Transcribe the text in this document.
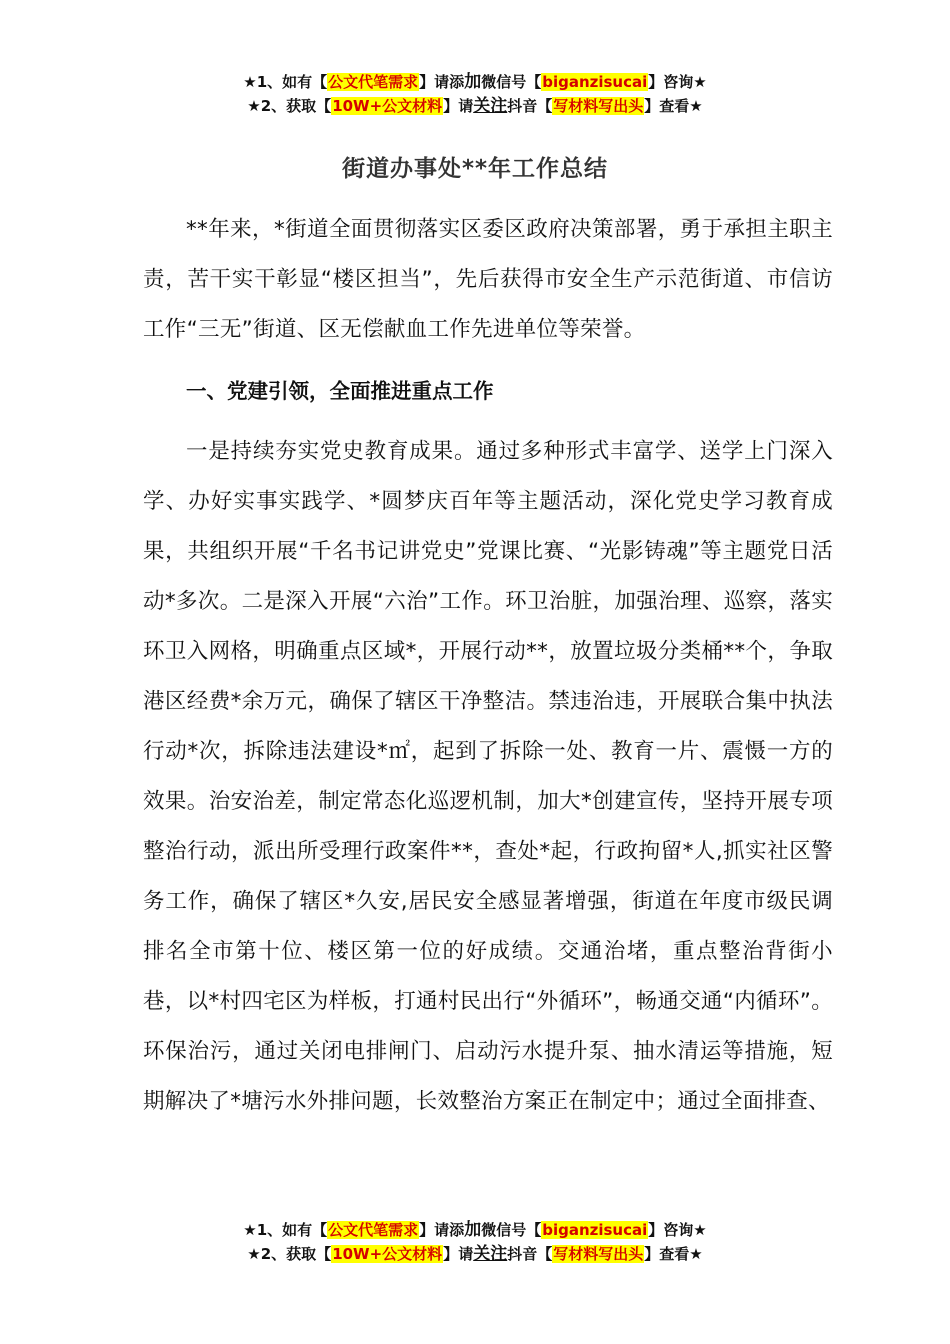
★1、如有【公文代笔需求】请添加微信号【biganzisucai】咨询★
★2、获取【10W+公文材料】请关注抖音【写材料写出头】查看★
街道办事处**年工作总结

**年来，*街道全面贯彻落实区委区政府决策部署，勇于承担主职主责，苦干实干彰显“楼区担当”，先后获得市安全生产示范街道、市信访工作“三无”街道、区无偿献血工作先进单位等荣誉。

一、党建引领，全面推进重点工作

一是持续夯实党史教育成果。通过多种形式丰富学、送学上门深入学、办好实事实践学、*圆梦庆百年等主题活动，深化党史学习教育成果，共组织开展“千名书记讲党史”党课比赛、“光影铸魂”等主题党日活动*多次。二是深入开展“六治”工作。环卫治脏，加强治理、巡察，落实环卫入网格，明确重点区域*，开展行动**，放置垃圾分类桶**个，争取港区经费*余万元，确保了辖区干净整洁。禁违治违，开展联合集中执法行动*次，拆除违法建设*㎡，起到了拆除一处、教育一片、震慑一方的效果。治安治差，制定常态化巡逻机制，加大*创建宣传，坚持开展专项整治行动，派出所受理行政案件**，查处*起，行政拘留*人,抓实社区警务工作，确保了辖区*久安,居民安全感显著增强，街道在年度市级民调排名全市第十位、楼区第一位的好成绩。交通治堵，重点整治背街小巷，以*村四宅区为样板，打通村民出行“外循环”，畅通交通“内循环”。环保治污，通过关闭电排闸门、启动污水提升泵、抽水清运等措施，短期解决了*塘污水外排问题，长效整治方案正在制定中；通过全面排查、

★1、如有【公文代笔需求】请添加微信号【biganzisucai】咨询★
★2、获取【10W+公文材料】请关注抖音【写材料写出头】查看★
